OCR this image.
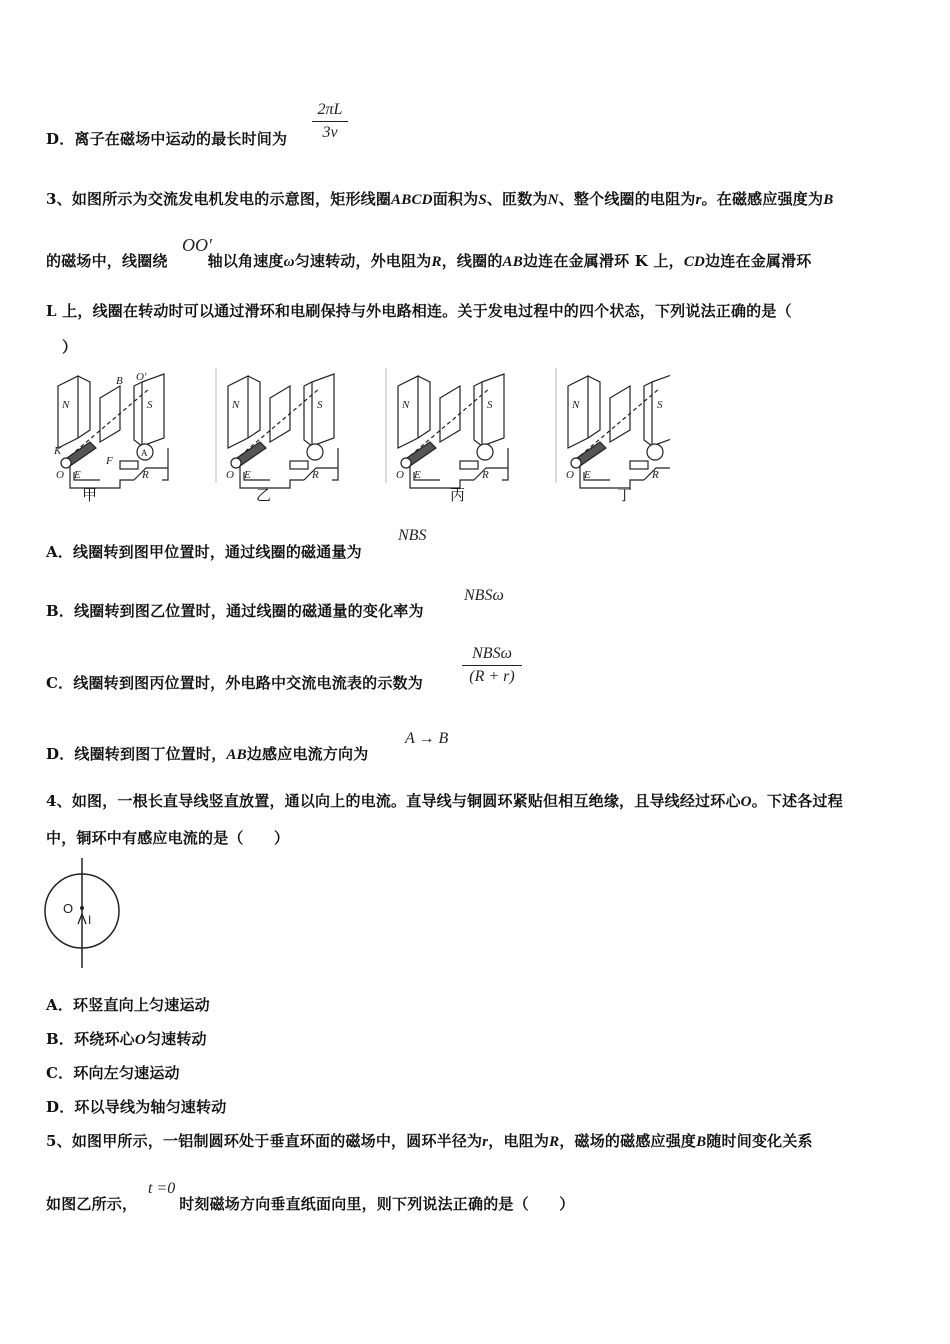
D．离子在磁场中运动的最长时间为 $\frac{2\pi L}{3v}$
3、如图所示为交流发电机发电的示意图，矩形线圈ABCD面积为S、匝数为N、整个线圈的电阻为r。在磁感应强度为B
的磁场中，线圈绕	轴以角速度ω匀速转动，外电阻为R，线圈的AB边连在金属滑环 K 上，CD边连在金属滑环
OO′
L 上，线圈在转动时可以通过滑环和电刷保持与外电路相连。关于发电过程中的四个状态，下列说法正确的是（
）
N	S
B O′
K
O E
F
R
A
N	S
O E	R
N	S
O E	R
N	S
O E	R
甲	乙	丙	丁
A．线圈转到图甲位置时，通过线圈的磁通量为
NBS
B．线圈转到图乙位置时，通过线圈的磁通量的变化率为
NBSω
C．线圈转到图丙位置时，外电路中交流电流表的示数为
NBSω
(R + r)
D．线圈转到图丁位置时，AB边感应电流方向为
A → B
4、如图，一根长直导线竖直放置，通以向上的电流。直导线与铜圆环紧贴但相互绝缘，且导线经过环心O。下述各过程
中，铜环中有感应电流的是（　　）
O
I
A．环竖直向上匀速运动
B．环绕环心O匀速转动
C．环向左匀速运动
D．环以导线为轴匀速转动
5、如图甲所示，一铝制圆环处于垂直环面的磁场中，圆环半径为r，电阻为R，磁场的磁感应强度B随时间变化关系
如图乙所示，	时刻磁场方向垂直纸面向里，则下列说法正确的是（　　）
t =0
